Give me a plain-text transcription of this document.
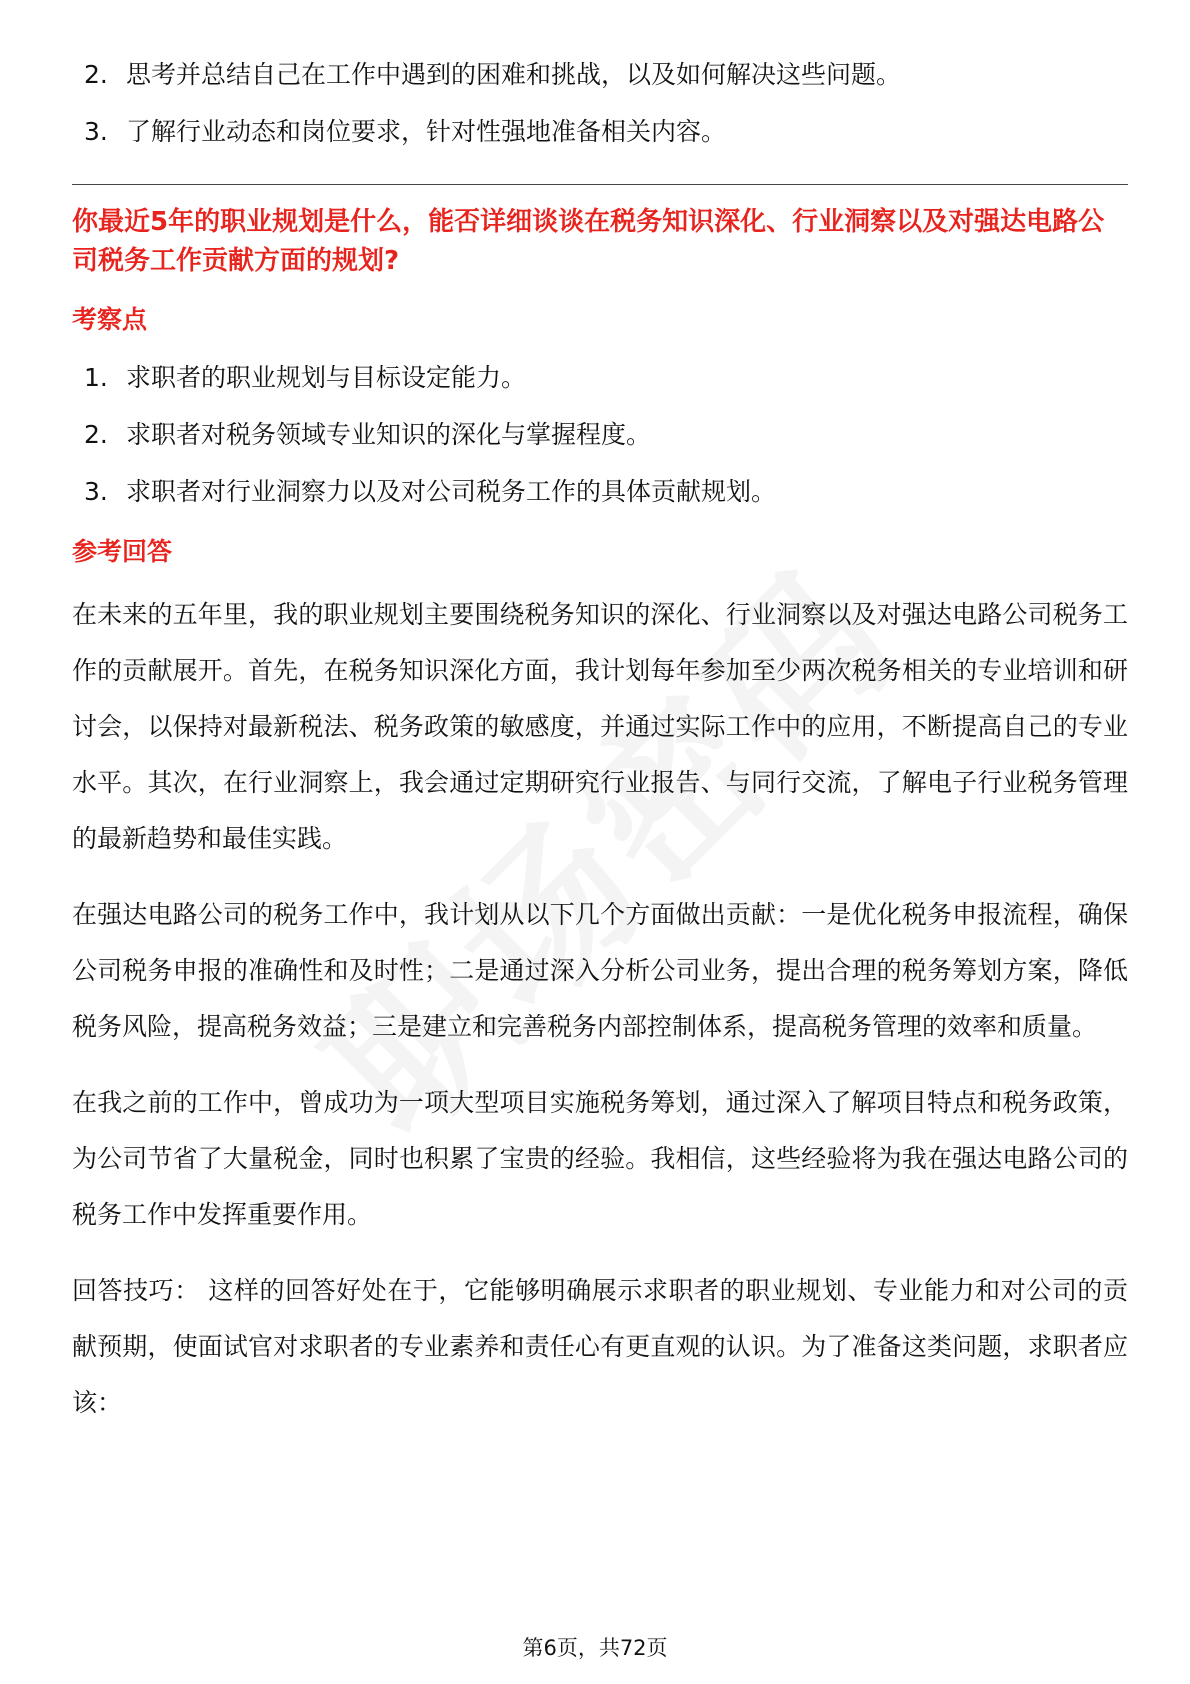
2. 思考并总结自己在工作中遇到的困难和挑战，以及如何解决这些问题。
3. 了解行业动态和岗位要求，针对性强地准备相关内容。
你最近5年的职业规划是什么，能否详细谈谈在税务知识深化、行业洞察以及对强达电路公司税务工作贡献方面的规划?
考察点
1. 求职者的职业规划与目标设定能力。
2. 求职者对税务领域专业知识的深化与掌握程度。
3. 求职者对行业洞察力以及对公司税务工作的具体贡献规划。
参考回答

在未来的五年里，我的职业规划主要围绕税务知识的深化、行业洞察以及对强达电路公司税务工作的贡献展开。首先，在税务知识深化方面，我计划每年参加至少两次税务相关的专业培训和研讨会，以保持对最新税法、税务政策的敏感度，并通过实际工作中的应用，不断提高自己的专业水平。其次，在行业洞察上，我会通过定期研究行业报告、与同行交流，了解电子行业税务管理的最新趋势和最佳实践。

在强达电路公司的税务工作中，我计划从以下几个方面做出贡献：一是优化税务申报流程，确保公司税务申报的准确性和及时性；二是通过深入分析公司业务，提出合理的税务筹划方案，降低税务风险，提高税务效益；三是建立和完善税务内部控制体系，提高税务管理的效率和质量。

在我之前的工作中，曾成功为一项大型项目实施税务筹划，通过深入了解项目特点和税务政策，为公司节省了大量税金，同时也积累了宝贵的经验。我相信，这些经验将为我在强达电路公司的税务工作中发挥重要作用。

回答技巧： 这样的回答好处在于，它能够明确展示求职者的职业规划、专业能力和对公司的贡献预期，使面试官对求职者的专业素养和责任心有更直观的认识。为了准备这类问题，求职者应该：

第6页，共72页
